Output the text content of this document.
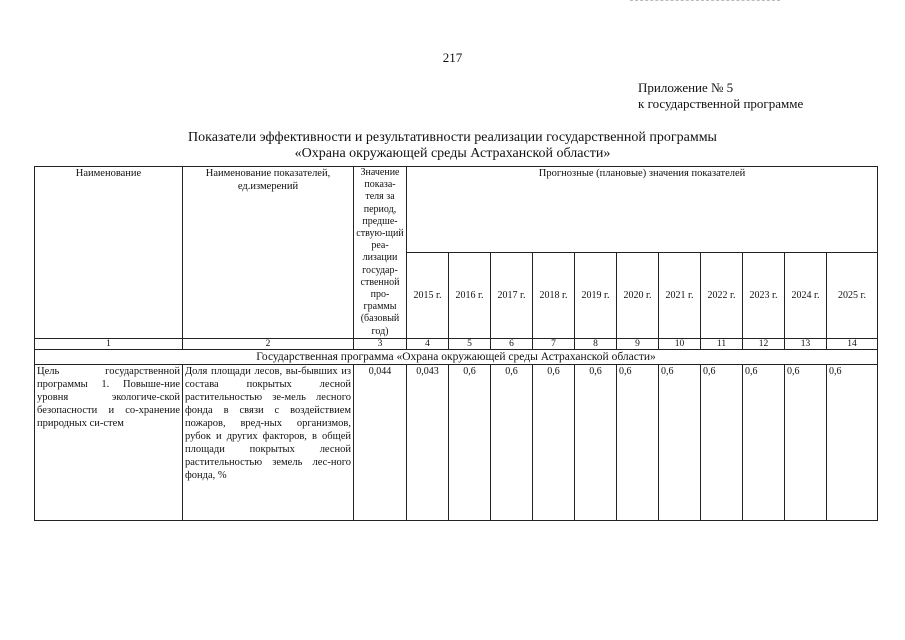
217
Приложение № 5
к государственной программе
Показатели эффективности и результативности реализации государственной программы
«Охрана окружающей среды Астраханской области»
Наименование	Наименование показателей, ед.измерений	Значение показа-теля за период, предше-ствую-щий реа-лизации государ-ственной про-граммы (базовый год)	Прогнозные (плановые) значения показателей										
			2015 г.	2016 г.	2017 г.	2018 г.	2019 г.	2020 г.	2021 г.	2022 г.	2023 г.	2024 г.	2025 г.
1	2	3	4	5	6	7	8	9	10	11	12	13	14
Государственная программа «Охрана окружающей среды Астраханской области»													
Цель государственной программы 1. Повыше-ние уровня экологиче-ской безопасности и со-хранение природных си-стем	Доля площади лесов, вы-бывших из состава покрытых лесной растительностью зе-мель лесного фонда в связи с воздействием пожаров, вред-ных организмов, рубок и других факторов, в общей площади покрытых лесной растительностью земель лес-ного фонда, %	0,044	0,043	0,6	0,6	0,6	0,6	0,6	0,6	0,6	0,6	0,6	0,6
